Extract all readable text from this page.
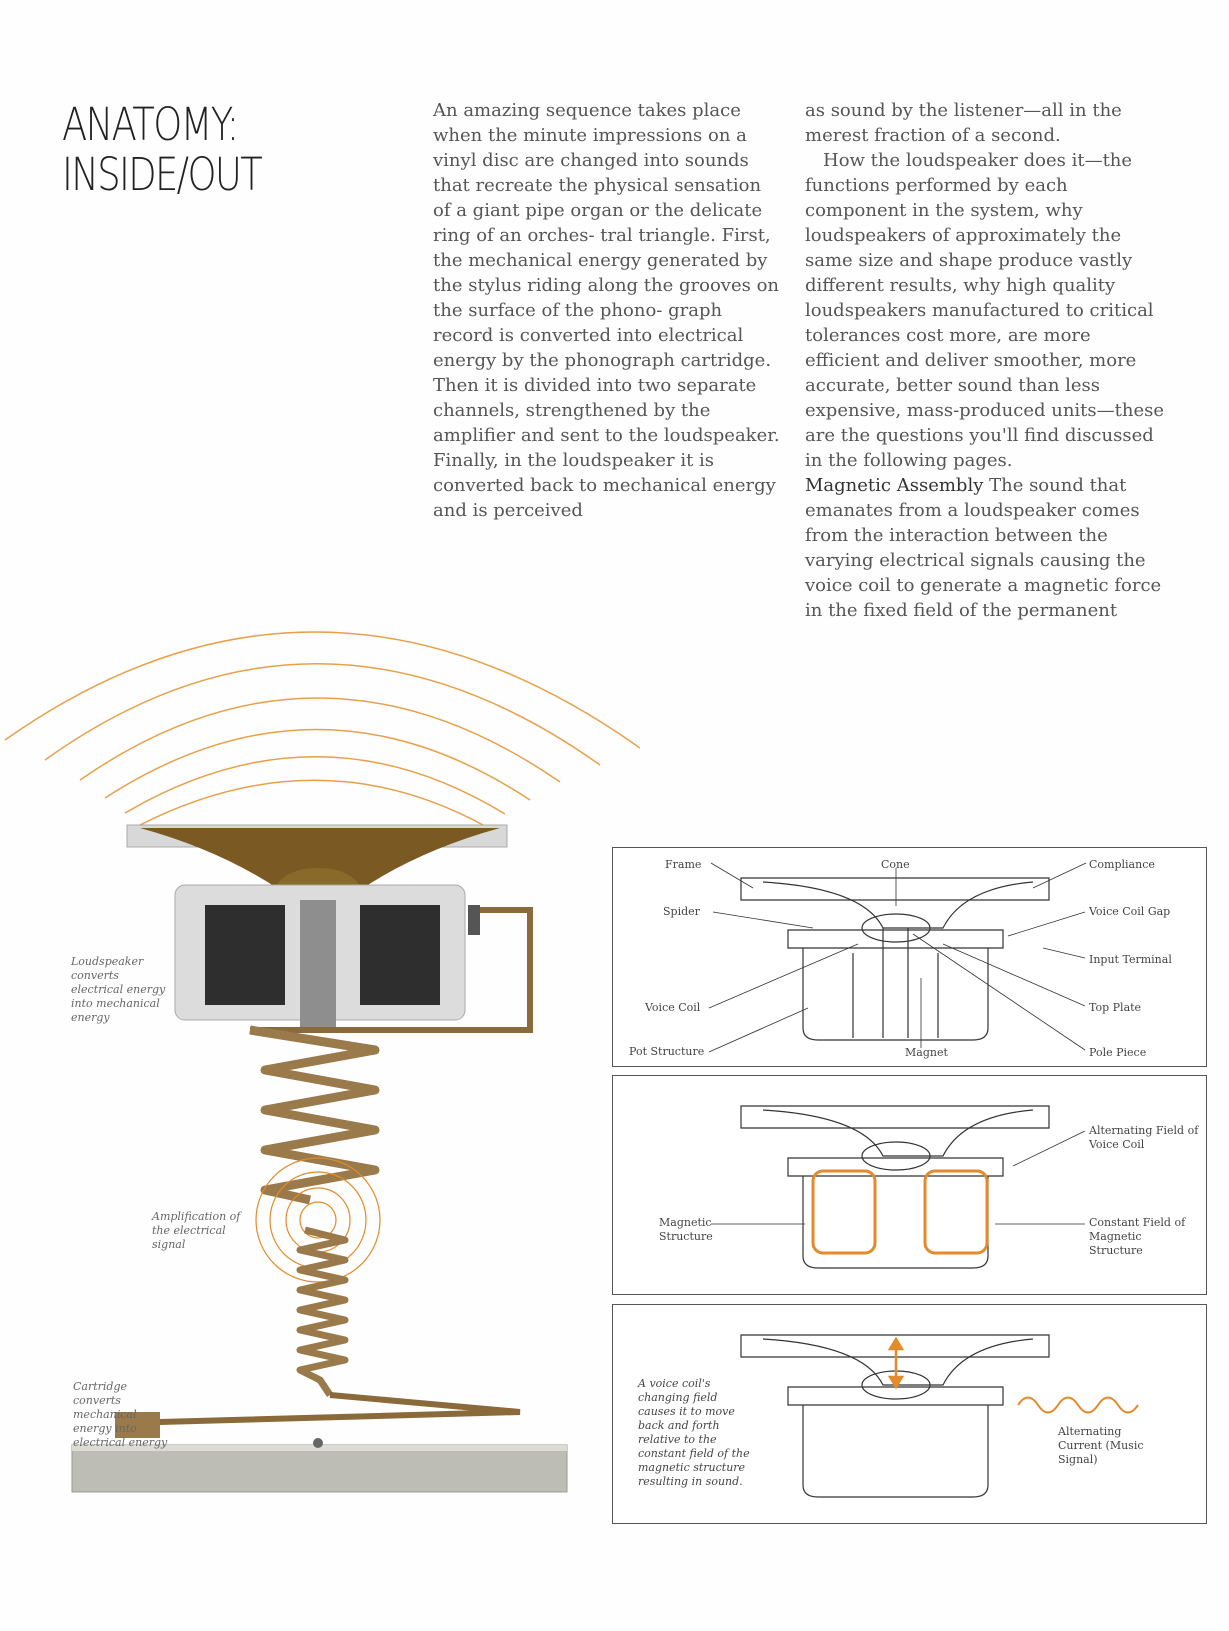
ANATOMY:
INSIDE/OUT

An amazing sequence takes place when the minute impressions on a vinyl disc are changed into sounds that recreate the physical sensation of a giant pipe organ or the delicate ring of an orches- tral triangle. First, the mechanical energy generated by the stylus riding along the grooves on the surface of the phono- graph record is converted into electrical energy by the phonograph cartridge. Then it is divided into two separate channels, strengthened by the amplifier and sent to the loudspeaker. Finally, in the loudspeaker it is converted back to mechanical energy and is perceived

as sound by the listener—all in the merest fraction of a second.

How the loudspeaker does it—the functions performed by each component in the system, why loudspeakers of approximately the same size and shape produce vastly different results, why high quality loudspeakers manufactured to critical tolerances cost more, are more efficient and deliver smoother, more accurate, better sound than less expensive, mass-produced units—these are the questions you'll find discussed in the following pages.

Magnetic Assembly The sound that emanates from a loudspeaker comes from the interaction between the varying electrical signals causing the voice coil to generate a magnetic force in the fixed field of the permanent

Loudspeaker converts electrical energy into mechanical energy
Amplification of the electrical signal
Cartridge converts mechanical energy into electrical energy
Frame	Cone	Compliance
Spider	Voice Coil Gap
Input Terminal
Voice Coil	Top Plate
Pot Structure	Magnet	Pole Piece
Alternating Field of Voice Coil
Magnetic Structure
Constant Field of Magnetic Structure
A voice coil's changing field causes it to move back and forth relative to the constant field of the magnetic structure resulting in sound.
Alternating Current (Music Signal)
